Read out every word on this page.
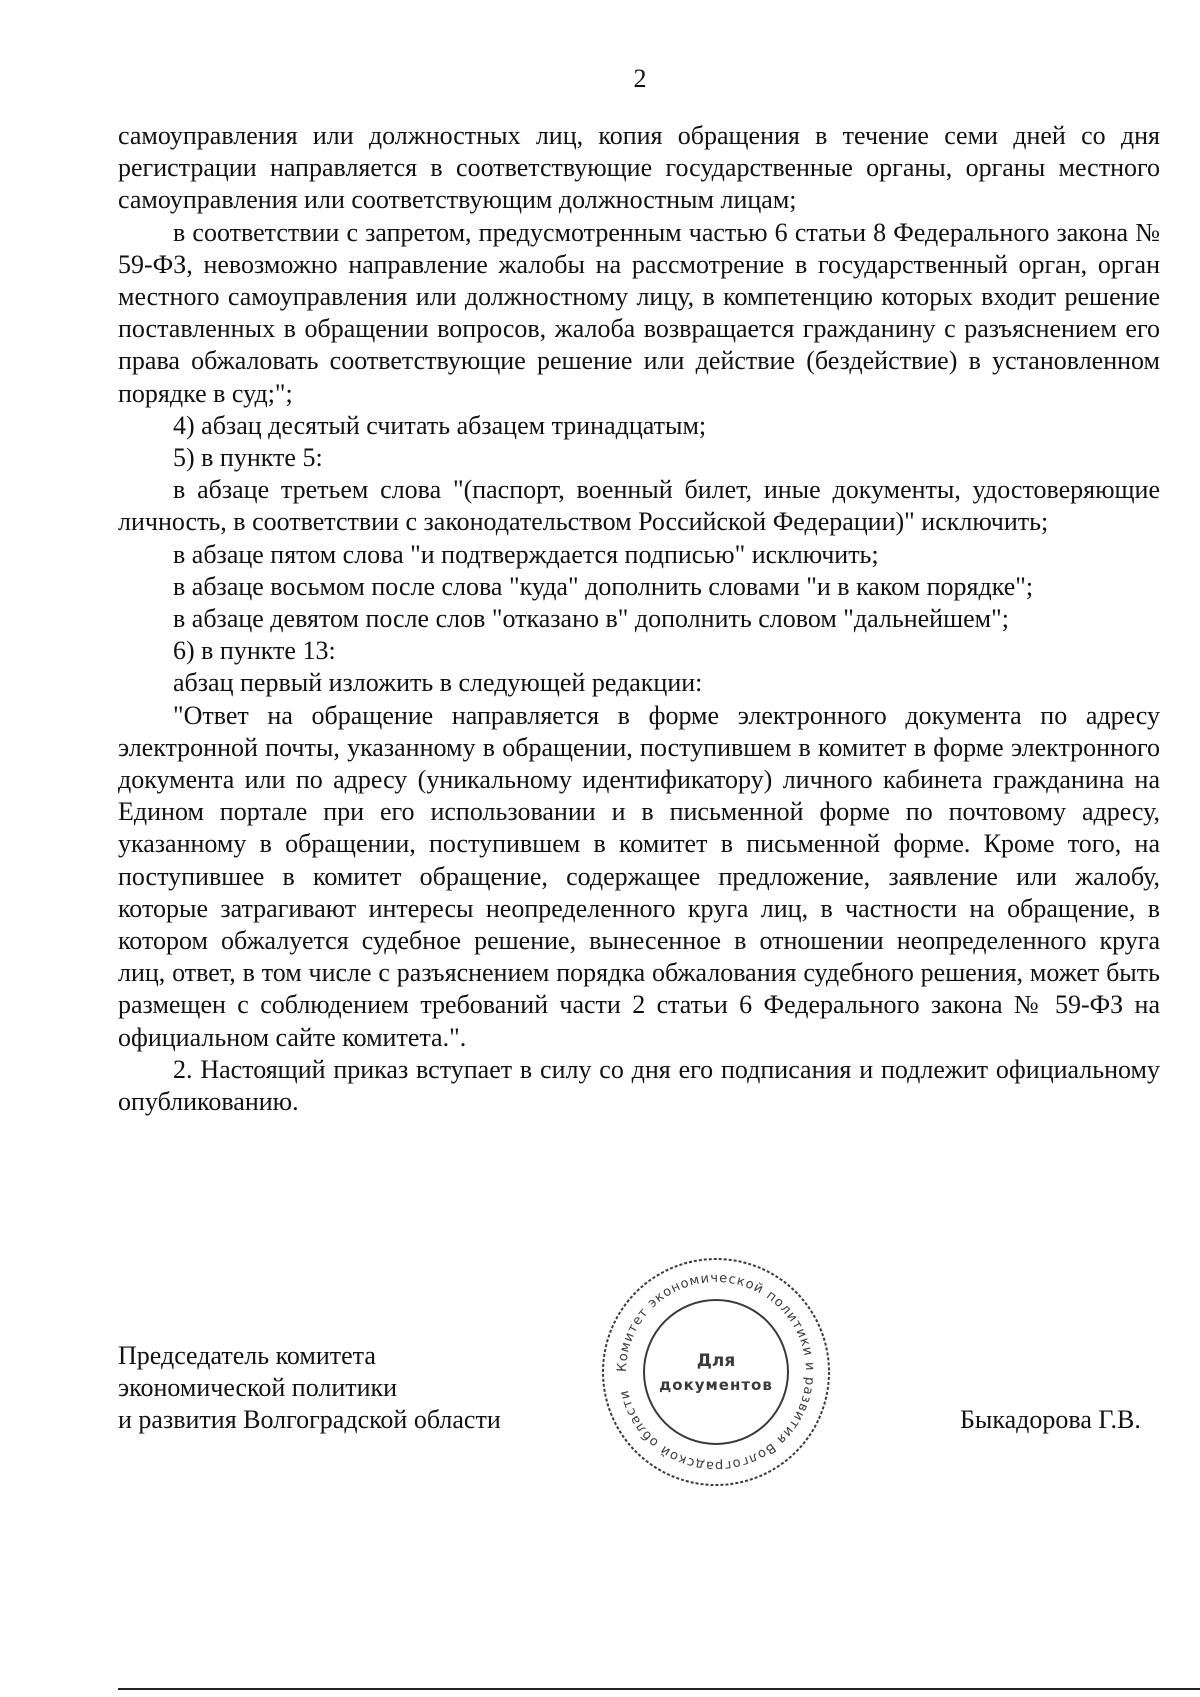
2

самоуправления или должностных лиц, копия обращения в течение семи дней со дня регистрации направляется в соответствующие государственные органы, органы местного самоуправления или соответствующим должностным лицам;

в соответствии с запретом, предусмотренным частью 6 статьи 8 Федерального закона № 59-ФЗ, невозможно направление жалобы на рассмотрение в государственный орган, орган местного самоуправления или должностному лицу, в компетенцию которых входит решение поставленных в обращении вопросов, жалоба возвращается гражданину с разъяснением его права обжаловать соответствующие решение или действие (бездействие) в установленном порядке в суд;";

4) абзац десятый считать абзацем тринадцатым;

5) в пункте 5:

в абзаце третьем слова "(паспорт, военный билет, иные документы, удостоверяющие личность, в соответствии с законодательством Российской Федерации)" исключить;

в абзаце пятом слова "и подтверждается подписью" исключить;

в абзаце восьмом после слова "куда" дополнить словами "и в каком порядке";

в абзаце девятом после слов "отказано в" дополнить словом "дальнейшем";

6) в пункте 13:

абзац первый изложить в следующей редакции:

"Ответ на обращение направляется в форме электронного документа по адресу электронной почты, указанному в обращении, поступившем в комитет в форме электронного документа или по адресу (уникальному идентификатору) личного кабинета гражданина на Едином портале при его использовании и в письменной форме по почтовому адресу, указанному в обращении, поступившем в комитет в письменной форме. Кроме того, на поступившее в комитет обращение, содержащее предложение, заявление или жалобу, которые затрагивают интересы неопределенного круга лиц, в частности на обращение, в котором обжалуется судебное решение, вынесенное в отношении неопределенного круга лиц, ответ, в том числе с разъяснением порядка обжалования судебного решения, может быть размещен с соблюдением требований части 2 статьи 6 Федерального закона № 59-ФЗ на официальном сайте комитета.".

2. Настоящий приказ вступает в силу со дня его подписания и подлежит официальному опубликованию.

Председатель комитета
экономической политики
и развития Волгоградской области
Комитет экономической политики и развития Волгоградской области
Для
документов
Быкадорова Г.В.
